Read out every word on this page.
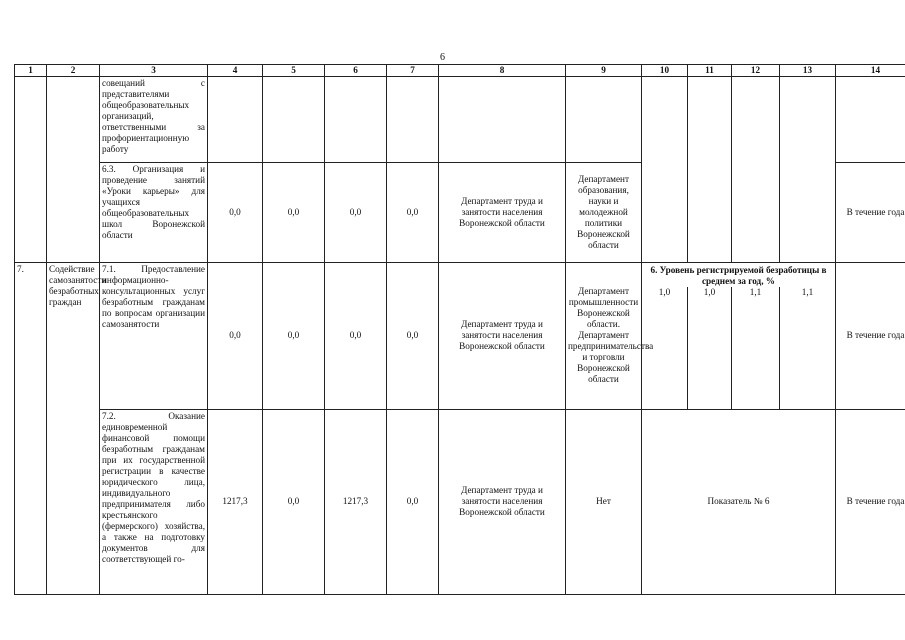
6
1	2	3	4	5	6	7	8	9	10	11	12	13	14
		совещаний с представителями общеобразовательных организаций, ответственными за профориентационную работу											
		6.3. Организация и проведение занятий «Уроки карьеры» для учащихся общеобразовательных школ Воронежской области	0,0	0,0	0,0	0,0	Департамент труда и занятости населения Воронежской области	Департамент образования, науки и молодежной политики Воронежской области					В течение года
7.	Содействие самозанятости безработных граждан	7.1. Предоставление информационно-консультационных услуг безработным гражданам по вопросам организации самозанятости	0,0	0,0	0,0	0,0	Департамент труда и занятости населения Воронежской области	Департамент промышленности Воронежской области. Департамент предпринимательства и торговли Воронежской области	6. Уровень регистрируемой безработицы в среднем за год, %				В течение года
									1,0	1,0	1,1	1,1	
		7.2. Оказание единовременной финансовой помощи безработным гражданам при их государственной регистрации в качестве юридического лица, индивидуального предпринимателя либо крестьянского (фермерского) хозяйства, а также на подготовку документов для соответствующей го-	1217,3	0,0	1217,3	0,0	Департамент труда и занятости населения Воронежской области	Нет	Показатель № 6				В течение года
